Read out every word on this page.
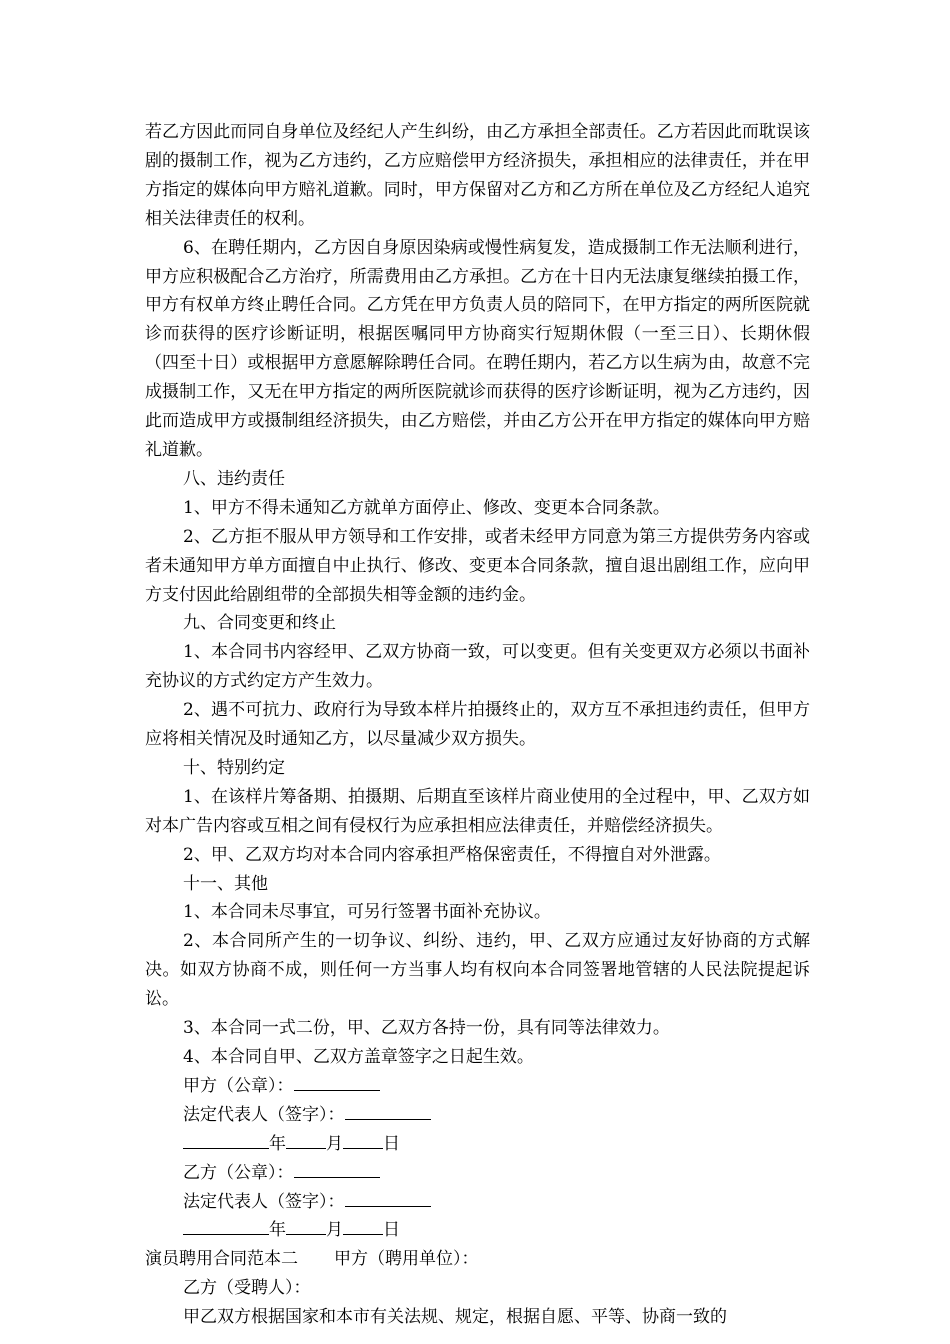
若乙方因此而同自身单位及经纪人产生纠纷，由乙方承担全部责任。乙方若因此而耽误该剧的摄制工作，视为乙方违约，乙方应赔偿甲方经济损失，承担相应的法律责任，并在甲方指定的媒体向甲方赔礼道歉。同时，甲方保留对乙方和乙方所在单位及乙方经纪人追究相关法律责任的权利。

6、在聘任期内，乙方因自身原因染病或慢性病复发，造成摄制工作无法顺利进行，甲方应积极配合乙方治疗，所需费用由乙方承担。乙方在十日内无法康复继续拍摄工作，甲方有权单方终止聘任合同。乙方凭在甲方负责人员的陪同下，在甲方指定的两所医院就诊而获得的医疗诊断证明，根据医嘱同甲方协商实行短期休假（一至三日）、长期休假（四至十日）或根据甲方意愿解除聘任合同。在聘任期内，若乙方以生病为由，故意不完成摄制工作，又无在甲方指定的两所医院就诊而获得的医疗诊断证明，视为乙方违约，因此而造成甲方或摄制组经济损失，由乙方赔偿，并由乙方公开在甲方指定的媒体向甲方赔礼道歉。

八、违约责任

1、甲方不得未通知乙方就单方面停止、修改、变更本合同条款。

2、乙方拒不服从甲方领导和工作安排，或者未经甲方同意为第三方提供劳务内容或者未通知甲方单方面擅自中止执行、修改、变更本合同条款，擅自退出剧组工作，应向甲方支付因此给剧组带的全部损失相等金额的违约金。

九、合同变更和终止

1、本合同书内容经甲、乙双方协商一致，可以变更。但有关变更双方必须以书面补充协议的方式约定方产生效力。

2、遇不可抗力、政府行为导致本样片拍摄终止的，双方互不承担违约责任，但甲方应将相关情况及时通知乙方，以尽量减少双方损失。

十、特别约定

1、在该样片筹备期、拍摄期、后期直至该样片商业使用的全过程中，甲、乙双方如对本广告内容或互相之间有侵权行为应承担相应法律责任，并赔偿经济损失。

2、甲、乙双方均对本合同内容承担严格保密责任，不得擅自对外泄露。

十一、其他

1、本合同未尽事宜，可另行签署书面补充协议。

2、本合同所产生的一切争议、纠纷、违约，甲、乙双方应通过友好协商的方式解决。如双方协商不成，则任何一方当事人均有权向本合同签署地管辖的人民法院提起诉讼。

3、本合同一式二份，甲、乙双方各持一份，具有同等法律效力。

4、本合同自甲、乙双方盖章签字之日起生效。

甲方（公章）：

法定代表人（签字）：

年 月 日

乙方（公章）：

法定代表人（签字）：

年 月 日

演员聘用合同范本二 甲方（聘用单位）：

乙方（受聘人）：

甲乙双方根据国家和本市有关法规、规定，根据自愿、平等、协商一致的
